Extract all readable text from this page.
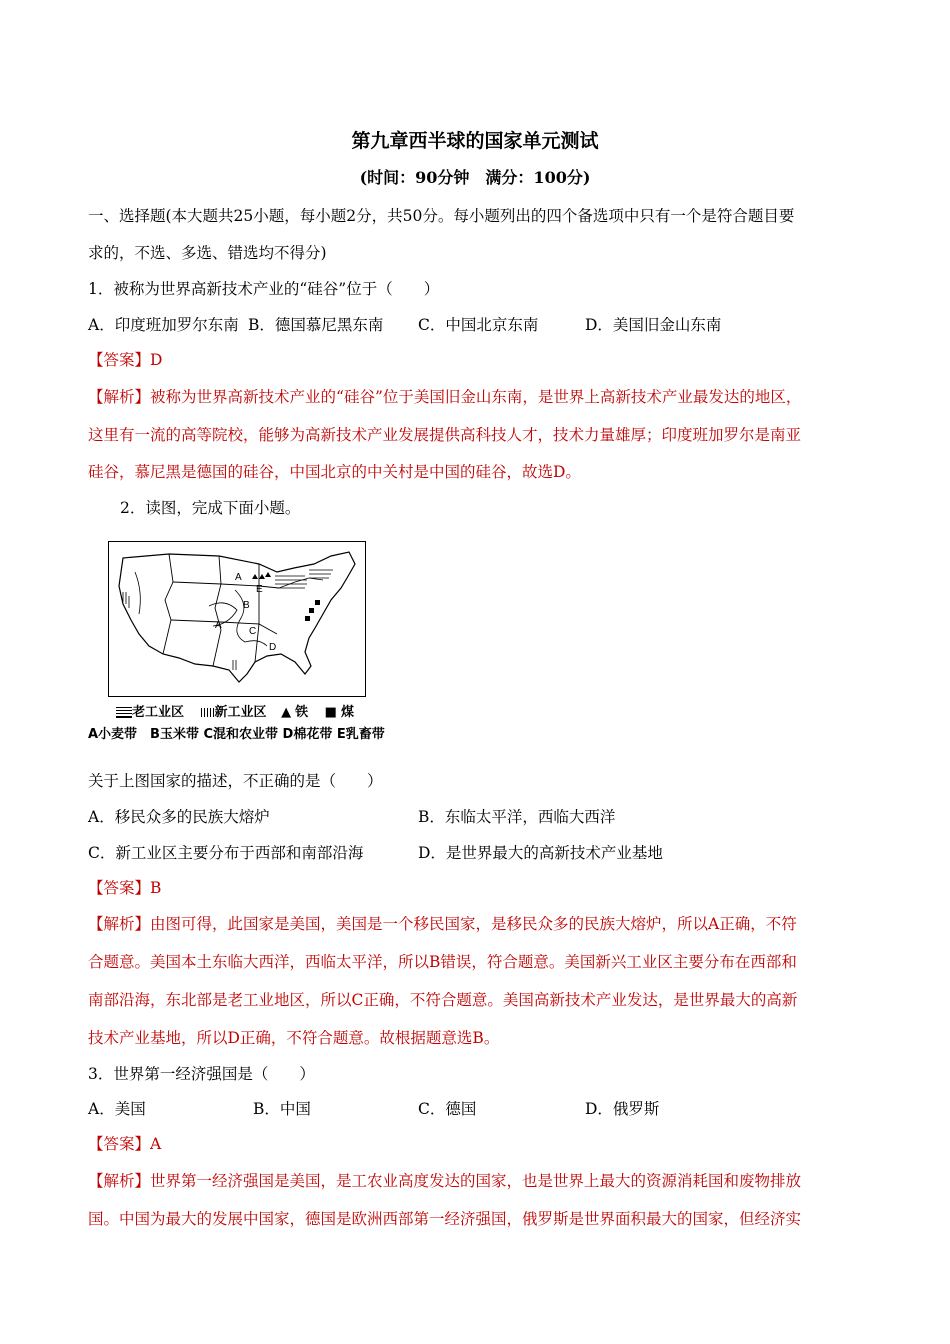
第九章西半球的国家单元测试
(时间：90分钟　满分：100分)
一、选择题(本大题共25小题，每小题2分，共50分。每小题列出的四个备选项中只有一个是符合题目要
求的，不选、多选、错选均不得分)
1．被称为世界高新技术产业的“硅谷”位于（　　）
A．印度班加罗尔东南 B．德国慕尼黑东南 C．中国北京东南	D．美国旧金山东南
【答案】D
【解析】被称为世界高新技术产业的“硅谷”位于美国旧金山东南，是世界上高新技术产业最发达的地区，
这里有一流的高等院校，能够为高新技术产业发展提供高科技人才，技术力量雄厚；印度班加罗尔是南亚
硅谷，慕尼黑是德国的硅谷，中国北京的中关村是中国的硅谷，故选D。
2．读图，完成下面小题。
A
E
B
A
C
D
老工业区 新工业区 ▲ 铁 ■ 煤
A小麦带　B玉米带 C混和农业带 D棉花带 E乳畜带
关于上图国家的描述，不正确的是（　　）
A．移民众多的民族大熔炉	B．东临太平洋，西临大西洋
C．新工业区主要分布于西部和南部沿海	D．是世界最大的高新技术产业基地
【答案】B
【解析】由图可得，此国家是美国，美国是一个移民国家，是移民众多的民族大熔炉，所以A正确，不符
合题意。美国本土东临大西洋，西临太平洋，所以B错误，符合题意。美国新兴工业区主要分布在西部和
南部沿海，东北部是老工业地区，所以C正确，不符合题意。美国高新技术产业发达，是世界最大的高新
技术产业基地，所以D正确，不符合题意。故根据题意选B。
3．世界第一经济强国是（　　）
A．美国	B．中国	C．德国	D．俄罗斯
【答案】A
【解析】世界第一经济强国是美国，是工农业高度发达的国家，也是世界上最大的资源消耗国和废物排放
国。中国为最大的发展中国家，德国是欧洲西部第一经济强国，俄罗斯是世界面积最大的国家，但经济实
